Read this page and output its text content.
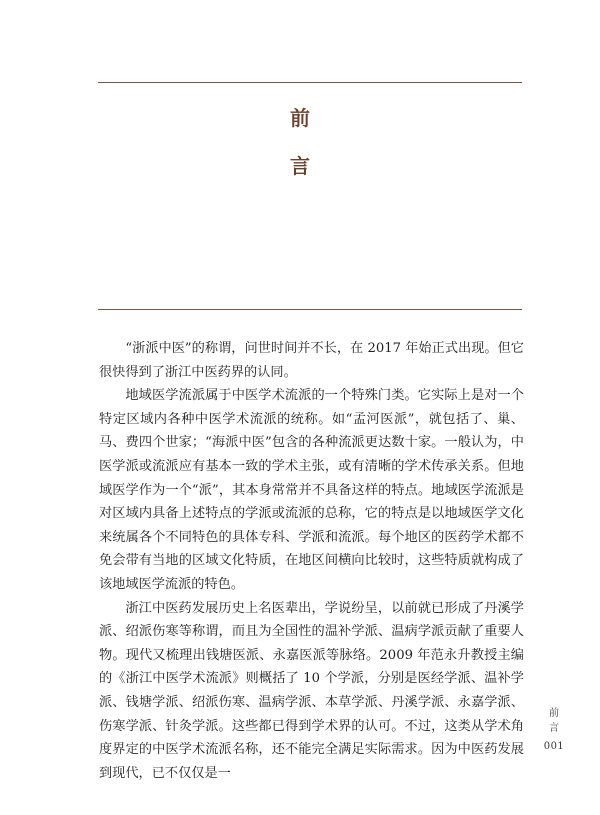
前
言

“浙派中医”的称谓，问世时间并不长，在 2017 年始正式出现。但它很快得到了浙江中医药界的认同。

地域医学流派属于中医学术流派的一个特殊门类。它实际上是对一个特定区域内各种中医学术流派的统称。如“孟河医派”，就包括了、巢、马、费四个世家；“海派中医”包含的各种流派更达数十家。一般认为，中医学派或流派应有基本一致的学术主张，或有清晰的学术传承关系。但地域医学作为一个“派”，其本身常常并不具备这样的特点。地域医学流派是对区域内具备上述特点的学派或流派的总称，它的特点是以地域医学文化来统属各个不同特色的具体专科、学派和流派。每个地区的医药学术都不免会带有当地的区域文化特质，在地区间横向比较时，这些特质就构成了该地域医学流派的特色。

浙江中医药发展历史上名医辈出，学说纷呈，以前就已形成了丹溪学派、绍派伤寒等称谓，而且为全国性的温补学派、温病学派贡献了重要人物。现代又梳理出钱塘医派、永嘉医派等脉络。2009 年范永升教授主编的《浙江中医学术流派》则概括了 10 个学派，分别是医经学派、温补学派、钱塘学派、绍派伤寒、温病学派、本草学派、丹溪学派、永嘉学派、伤寒学派、针灸学派。这些都已得到学术界的认可。不过，这类从学术角度界定的中医学术流派名称，还不能完全满足实际需求。因为中医药发展到现代，已不仅仅是一

前
言
001
